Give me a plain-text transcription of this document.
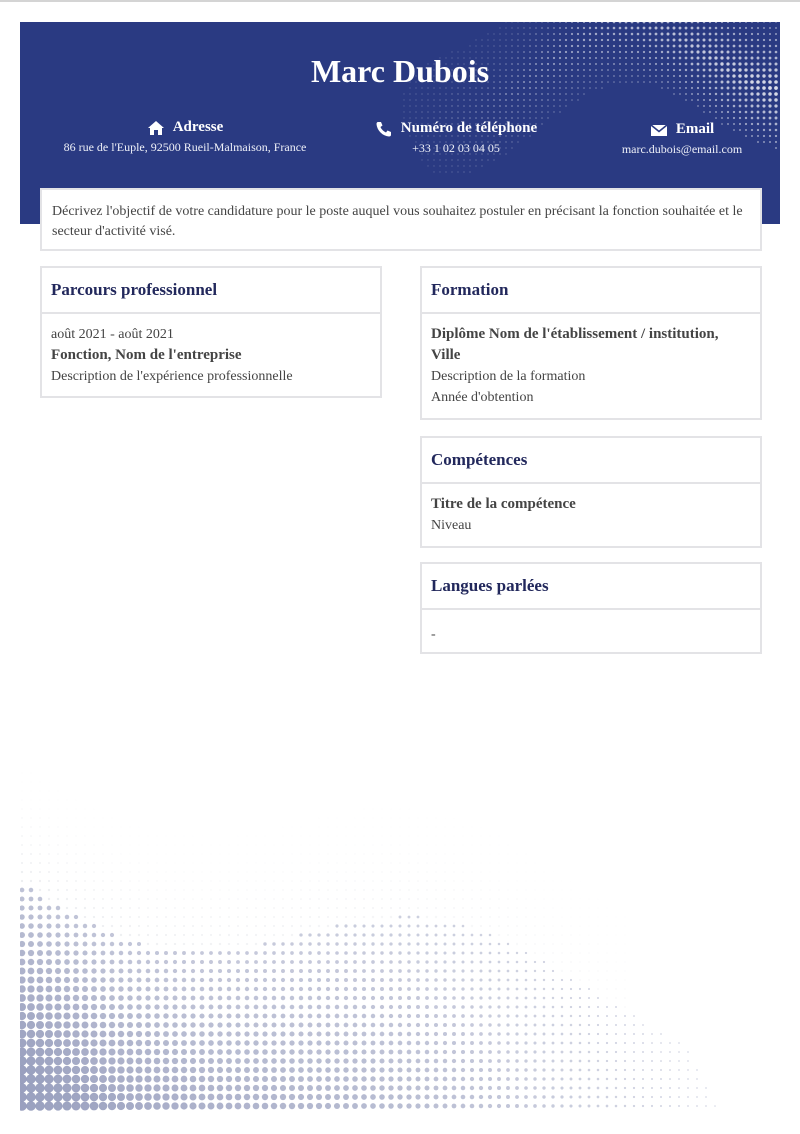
Marc Dubois
Adresse
86 rue de l'Euple, 92500 Rueil-Malmaison, France
Numéro de téléphone
+33 1 02 03 04 05
Email
marc.dubois@email.com
Décrivez l'objectif de votre candidature pour le poste auquel vous souhaitez postuler en précisant la fonction souhaitée et le secteur d'activité visé.
Parcours professionnel
août 2021 - août 2021
Fonction, Nom de l'entreprise
Description de l'expérience professionnelle
Formation
Diplôme Nom de l'établissement / institution, Ville
Description de la formation
Année d'obtention
Compétences
Titre de la compétence
Niveau
Langues parlées
-
